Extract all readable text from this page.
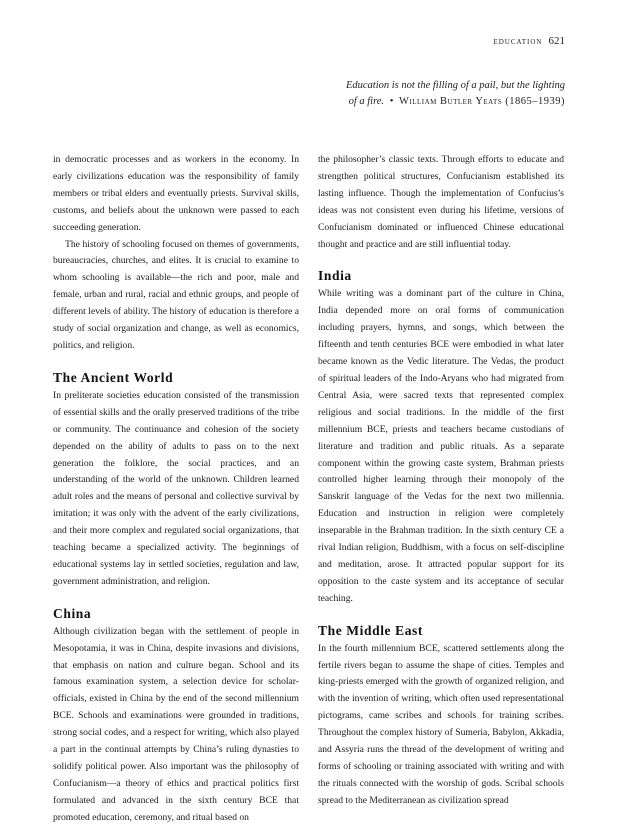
education 621
Education is not the filling of a pail, but the lighting
of a fire. • William Butler Yeats (1865–1939)

in democratic processes and as workers in the economy. In early civilizations education was the responsibility of family members or tribal elders and eventually priests. Survival skills, customs, and beliefs about the unknown were passed to each succeeding generation.

The history of schooling focused on themes of governments, bureaucracies, churches, and elites. It is crucial to examine to whom schooling is available—the rich and poor, male and female, urban and rural, racial and ethnic groups, and people of different levels of ability. The history of education is therefore a study of social organization and change, as well as economics, politics, and religion.

The Ancient World

In preliterate societies education consisted of the transmission of essential skills and the orally preserved traditions of the tribe or community. The continuance and cohesion of the society depended on the ability of adults to pass on to the next generation the folklore, the social practices, and an understanding of the world of the unknown. Children learned adult roles and the means of personal and collective survival by imitation; it was only with the advent of the early civilizations, and their more complex and regulated social organizations, that teaching became a specialized activity. The beginnings of educational systems lay in settled societies, regulation and law, government administration, and religion.

China

Although civilization began with the settlement of people in Mesopotamia, it was in China, despite invasions and divisions, that emphasis on nation and culture began. School and its famous examination system, a selection device for scholar-officials, existed in China by the end of the second millennium BCE. Schools and examinations were grounded in traditions, strong social codes, and a respect for writing, which also played a part in the continual attempts by China’s ruling dynasties to solidify political power. Also important was the philosophy of Confucianism—a theory of ethics and practical politics first formulated and advanced in the sixth century BCE that promoted education, ceremony, and ritual based on

the philosopher’s classic texts. Through efforts to educate and strengthen political structures, Confucianism established its lasting influence. Though the implementation of Confucius’s ideas was not consistent even during his lifetime, versions of Confucianism dominated or influenced Chinese educational thought and practice and are still influential today.

India

While writing was a dominant part of the culture in China, India depended more on oral forms of communication including prayers, hymns, and songs, which between the fifteenth and tenth centuries BCE were embodied in what later became known as the Vedic literature. The Vedas, the product of spiritual leaders of the Indo-Aryans who had migrated from Central Asia, were sacred texts that represented complex religious and social traditions. In the middle of the first millennium BCE, priests and teachers became custodians of literature and tradition and public rituals. As a separate component within the growing caste system, Brahman priests controlled higher learning through their monopoly of the Sanskrit language of the Vedas for the next two millennia. Education and instruction in religion were completely inseparable in the Brahman tradition. In the sixth century CE a rival Indian religion, Buddhism, with a focus on self-discipline and meditation, arose. It attracted popular support for its opposition to the caste system and its acceptance of secular teaching.

The Middle East

In the fourth millennium BCE, scattered settlements along the fertile rivers began to assume the shape of cities. Temples and king-priests emerged with the growth of organized religion, and with the invention of writing, which often used representational pictograms, came scribes and schools for training scribes. Throughout the complex history of Sumeria, Babylon, Akkadia, and Assyria runs the thread of the development of writing and forms of schooling or training associated with writing and with the rituals connected with the worship of gods. Scribal schools spread to the Mediterranean as civilization spread
